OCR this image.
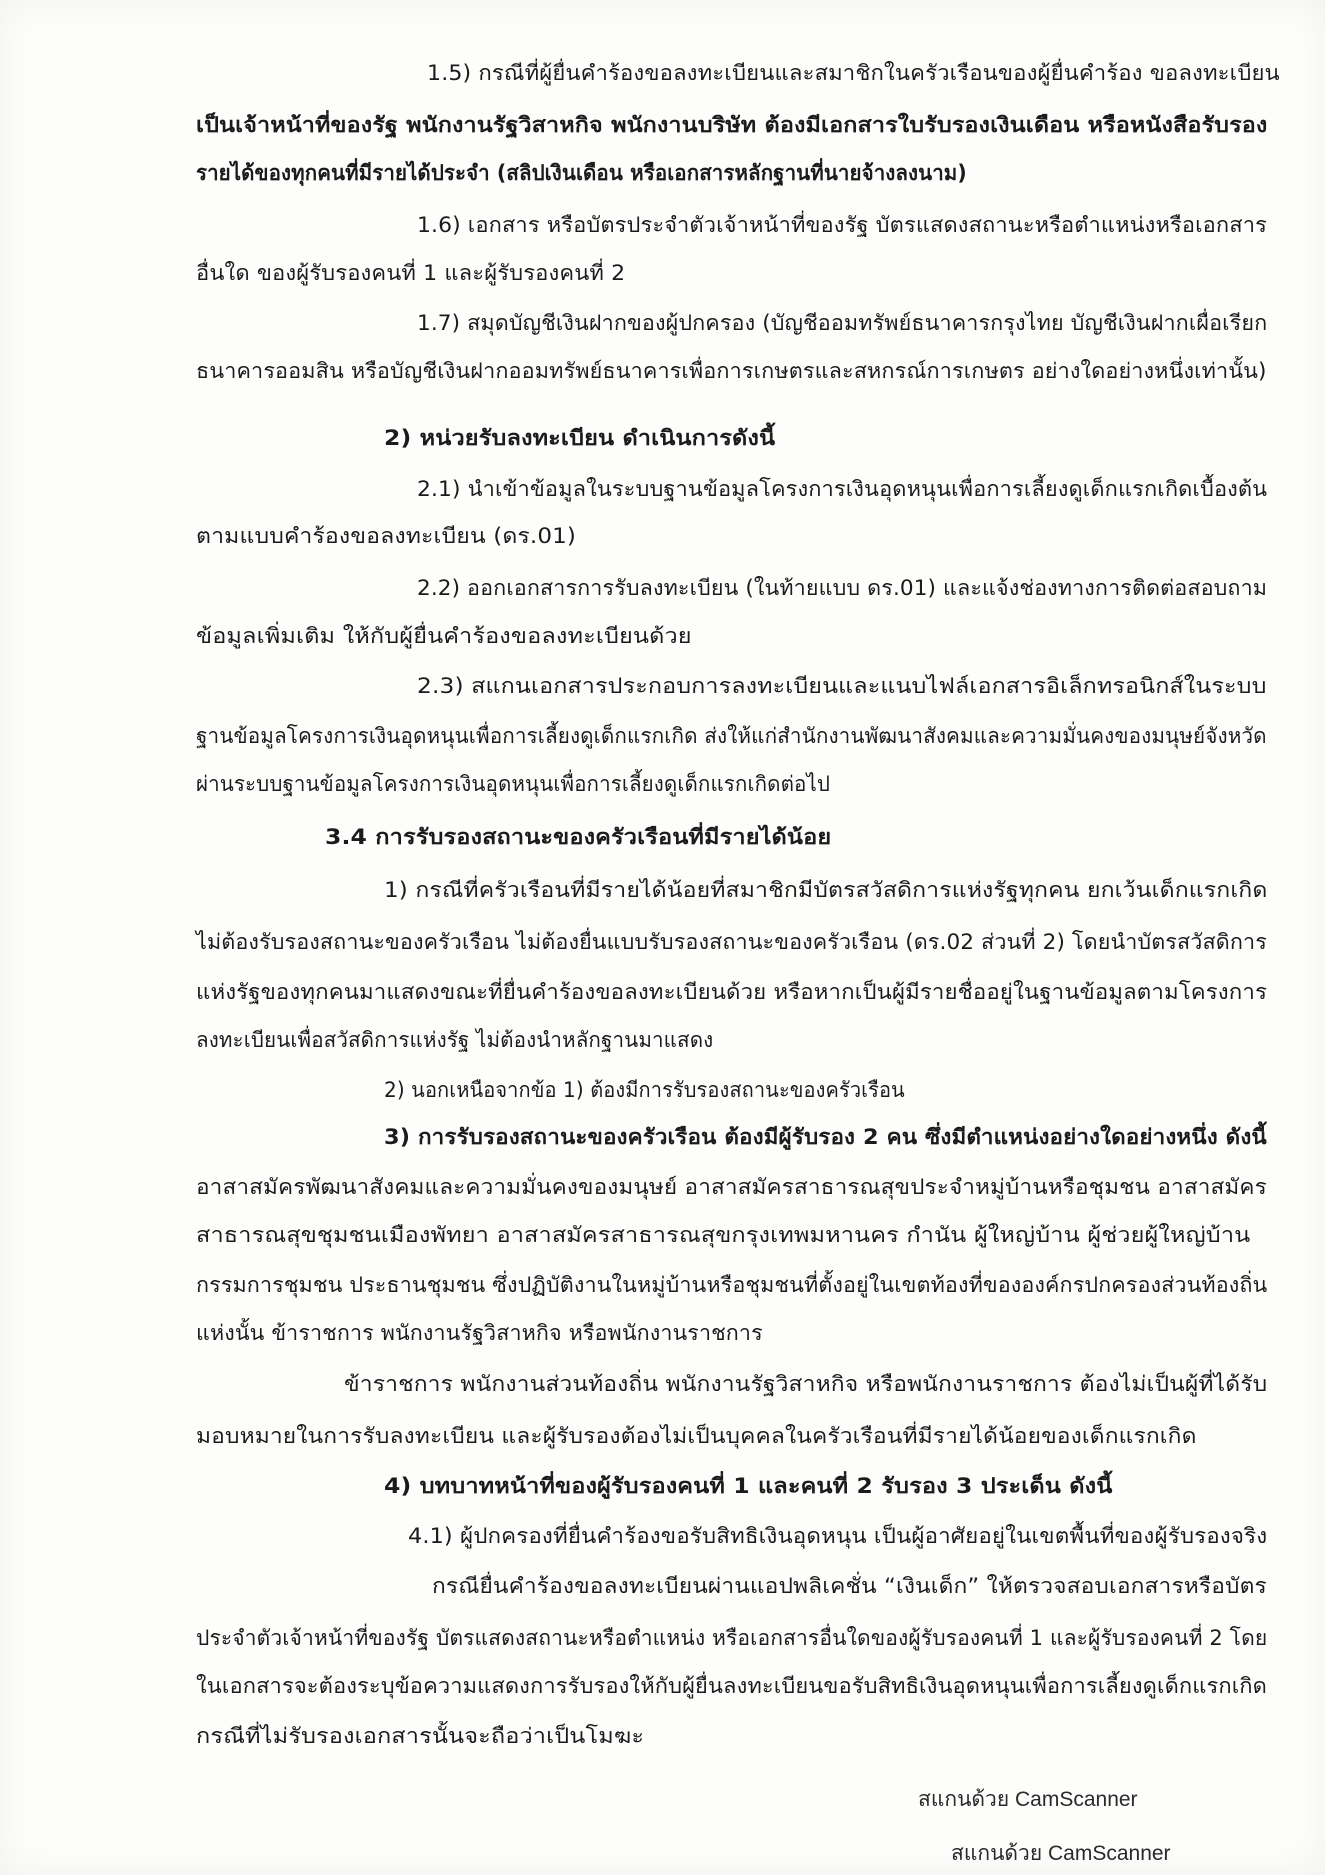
1.5) กรณีที่ผู้ยื่นคำร้องขอลงทะเบียนและสมาชิกในครัวเรือนของผู้ยื่นคำร้อง ขอลงทะเบียน
เป็นเจ้าหน้าที่ของรัฐ พนักงานรัฐวิสาหกิจ พนักงานบริษัท ต้องมีเอกสารใบรับรองเงินเดือน หรือหนังสือรับรอง
รายได้ของทุกคนที่มีรายได้ประจำ (สลิปเงินเดือน หรือเอกสารหลักฐานที่นายจ้างลงนาม)
1.6) เอกสาร หรือบัตรประจำตัวเจ้าหน้าที่ของรัฐ บัตรแสดงสถานะหรือตำแหน่งหรือเอกสาร
อื่นใด ของผู้รับรองคนที่ 1 และผู้รับรองคนที่ 2
1.7) สมุดบัญชีเงินฝากของผู้ปกครอง (บัญชีออมทรัพย์ธนาคารกรุงไทย บัญชีเงินฝากเผื่อเรียก
ธนาคารออมสิน หรือบัญชีเงินฝากออมทรัพย์ธนาคารเพื่อการเกษตรและสหกรณ์การเกษตร อย่างใดอย่างหนึ่งเท่านั้น)
2) หน่วยรับลงทะเบียน ดำเนินการดังนี้
2.1) นำเข้าข้อมูลในระบบฐานข้อมูลโครงการเงินอุดหนุนเพื่อการเลี้ยงดูเด็กแรกเกิดเบื้องต้น
ตามแบบคำร้องขอลงทะเบียน (ดร.01)
2.2) ออกเอกสารการรับลงทะเบียน (ในท้ายแบบ ดร.01) และแจ้งช่องทางการติดต่อสอบถาม
ข้อมูลเพิ่มเติม ให้กับผู้ยื่นคำร้องขอลงทะเบียนด้วย
2.3) สแกนเอกสารประกอบการลงทะเบียนและแนบไฟล์เอกสารอิเล็กทรอนิกส์ในระบบ
ฐานข้อมูลโครงการเงินอุดหนุนเพื่อการเลี้ยงดูเด็กแรกเกิด ส่งให้แก่สำนักงานพัฒนาสังคมและความมั่นคงของมนุษย์จังหวัด
ผ่านระบบฐานข้อมูลโครงการเงินอุดหนุนเพื่อการเลี้ยงดูเด็กแรกเกิดต่อไป
3.4 การรับรองสถานะของครัวเรือนที่มีรายได้น้อย
1) กรณีที่ครัวเรือนที่มีรายได้น้อยที่สมาชิกมีบัตรสวัสดิการแห่งรัฐทุกคน ยกเว้นเด็กแรกเกิด
ไม่ต้องรับรองสถานะของครัวเรือน ไม่ต้องยื่นแบบรับรองสถานะของครัวเรือน (ดร.02 ส่วนที่ 2) โดยนำบัตรสวัสดิการ
แห่งรัฐของทุกคนมาแสดงขณะที่ยื่นคำร้องขอลงทะเบียนด้วย หรือหากเป็นผู้มีรายชื่ออยู่ในฐานข้อมูลตามโครงการ
ลงทะเบียนเพื่อสวัสดิการแห่งรัฐ ไม่ต้องนำหลักฐานมาแสดง
2) นอกเหนือจากข้อ 1) ต้องมีการรับรองสถานะของครัวเรือน
3) การรับรองสถานะของครัวเรือน ต้องมีผู้รับรอง 2 คน ซึ่งมีตำแหน่งอย่างใดอย่างหนึ่ง ดังนี้
อาสาสมัครพัฒนาสังคมและความมั่นคงของมนุษย์ อาสาสมัครสาธารณสุขประจำหมู่บ้านหรือชุมชน อาสาสมัคร
สาธารณสุขชุมชนเมืองพัทยา อาสาสมัครสาธารณสุขกรุงเทพมหานคร กำนัน ผู้ใหญ่บ้าน ผู้ช่วยผู้ใหญ่บ้าน
กรรมการชุมชน ประธานชุมชน ซึ่งปฏิบัติงานในหมู่บ้านหรือชุมชนที่ตั้งอยู่ในเขตท้องที่ขององค์กรปกครองส่วนท้องถิ่น
แห่งนั้น ข้าราชการ พนักงานรัฐวิสาหกิจ หรือพนักงานราชการ
ข้าราชการ พนักงานส่วนท้องถิ่น พนักงานรัฐวิสาหกิจ หรือพนักงานราชการ ต้องไม่เป็นผู้ที่ได้รับ
มอบหมายในการรับลงทะเบียน และผู้รับรองต้องไม่เป็นบุคคลในครัวเรือนที่มีรายได้น้อยของเด็กแรกเกิด
4) บทบาทหน้าที่ของผู้รับรองคนที่ 1 และคนที่ 2 รับรอง 3 ประเด็น ดังนี้
4.1) ผู้ปกครองที่ยื่นคำร้องขอรับสิทธิเงินอุดหนุน เป็นผู้อาศัยอยู่ในเขตพื้นที่ของผู้รับรองจริง
กรณียื่นคำร้องขอลงทะเบียนผ่านแอปพลิเคชั่น “เงินเด็ก” ให้ตรวจสอบเอกสารหรือบัตร
ประจำตัวเจ้าหน้าที่ของรัฐ บัตรแสดงสถานะหรือตำแหน่ง หรือเอกสารอื่นใดของผู้รับรองคนที่ 1 และผู้รับรองคนที่ 2 โดย
ในเอกสารจะต้องระบุข้อความแสดงการรับรองให้กับผู้ยื่นลงทะเบียนขอรับสิทธิเงินอุดหนุนเพื่อการเลี้ยงดูเด็กแรกเกิด
กรณีที่ไม่รับรองเอกสารนั้นจะถือว่าเป็นโมฆะ
สแกนด้วย CamScanner
สแกนด้วย CamScanner
